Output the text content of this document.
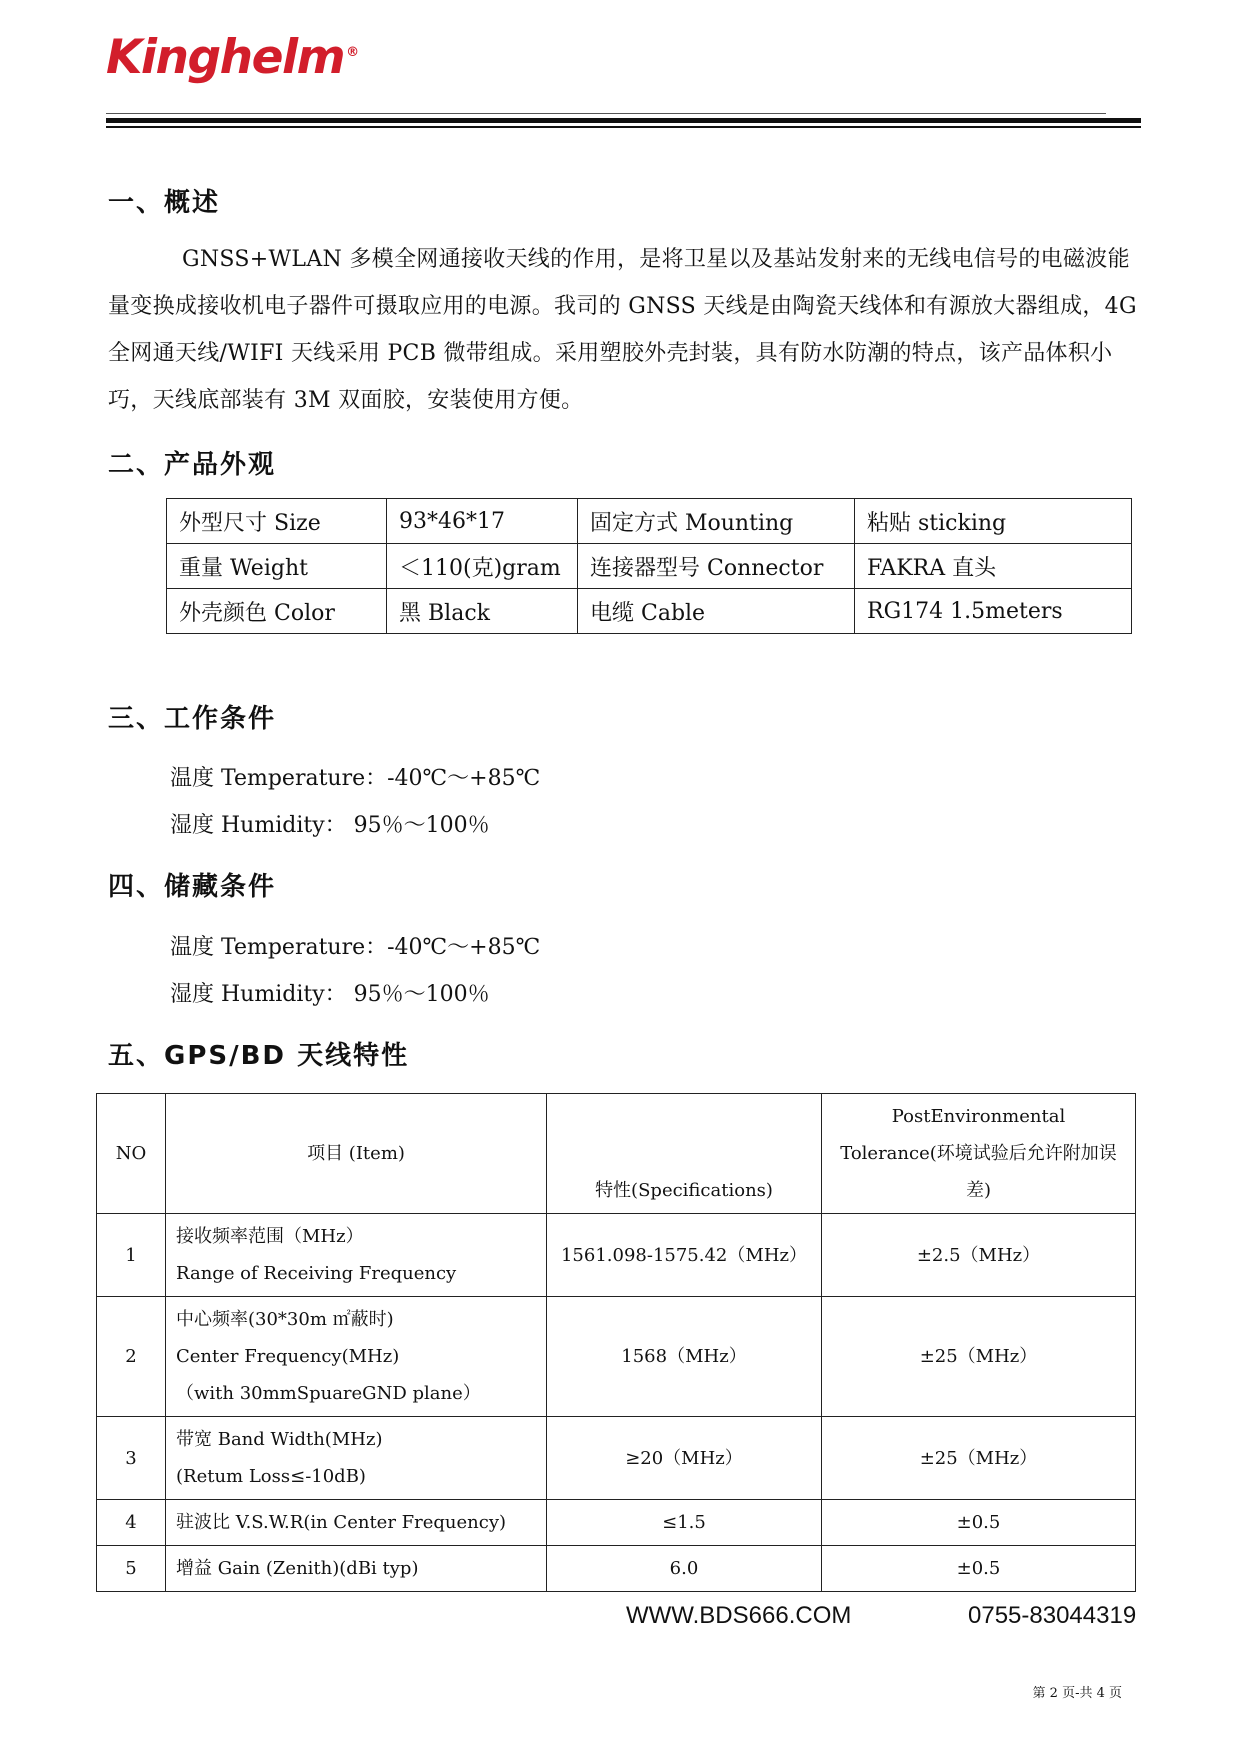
Kinghelm ®
一、概述
GNSS+WLAN 多模全网通接收天线的作用，是将卫星以及基站发射来的无线电信号的电磁波能量变换成接收机电子器件可摄取应用的电源。我司的 GNSS 天线是由陶瓷天线体和有源放大器组成，4G 全网通天线/WIFI 天线采用 PCB 微带组成。采用塑胶外壳封装，具有防水防潮的特点，该产品体积小巧，天线底部装有 3M 双面胶，安装使用方便。
二、产品外观
外型尺寸 Size	93*46*17	固定方式 Mounting	粘贴 sticking
重量 Weight	＜110(克)gram	连接器型号 Connector	FAKRA 直头
外壳颜色 Color	黑 Black	电缆 Cable	RG174 1.5meters
三、工作条件
温度 Temperature：-40℃～+85℃
湿度 Humidity： 95％～100％
四、储藏条件
温度 Temperature：-40℃～+85℃
湿度 Humidity： 95％～100％
五、GPS/BD 天线特性
NO	项目 (Item)	特性(Specifications)	PostEnvironmental Tolerance(环境试验后允许附加误差)
1	接收频率范围（MHz）
Range of Receiving Frequency	1561.098-1575.42（MHz）	±2.5（MHz）
2	中心频率(30*30m ㎡蔽时)
Center Frequency(MHz)
（with 30mmSpuareGND plane）	1568（MHz）	±25（MHz）
3	带宽 Band Width(MHz)
(Retum Loss≤-10dB)	≥20（MHz）	±25（MHz）
4	驻波比 V.S.W.R(in Center Frequency)	≤1.5	±0.5
5	增益 Gain (Zenith)(dBi typ)	6.0	±0.5
WWW.BDS666.COM	0755-83044319
第 2 页-共 4 页
